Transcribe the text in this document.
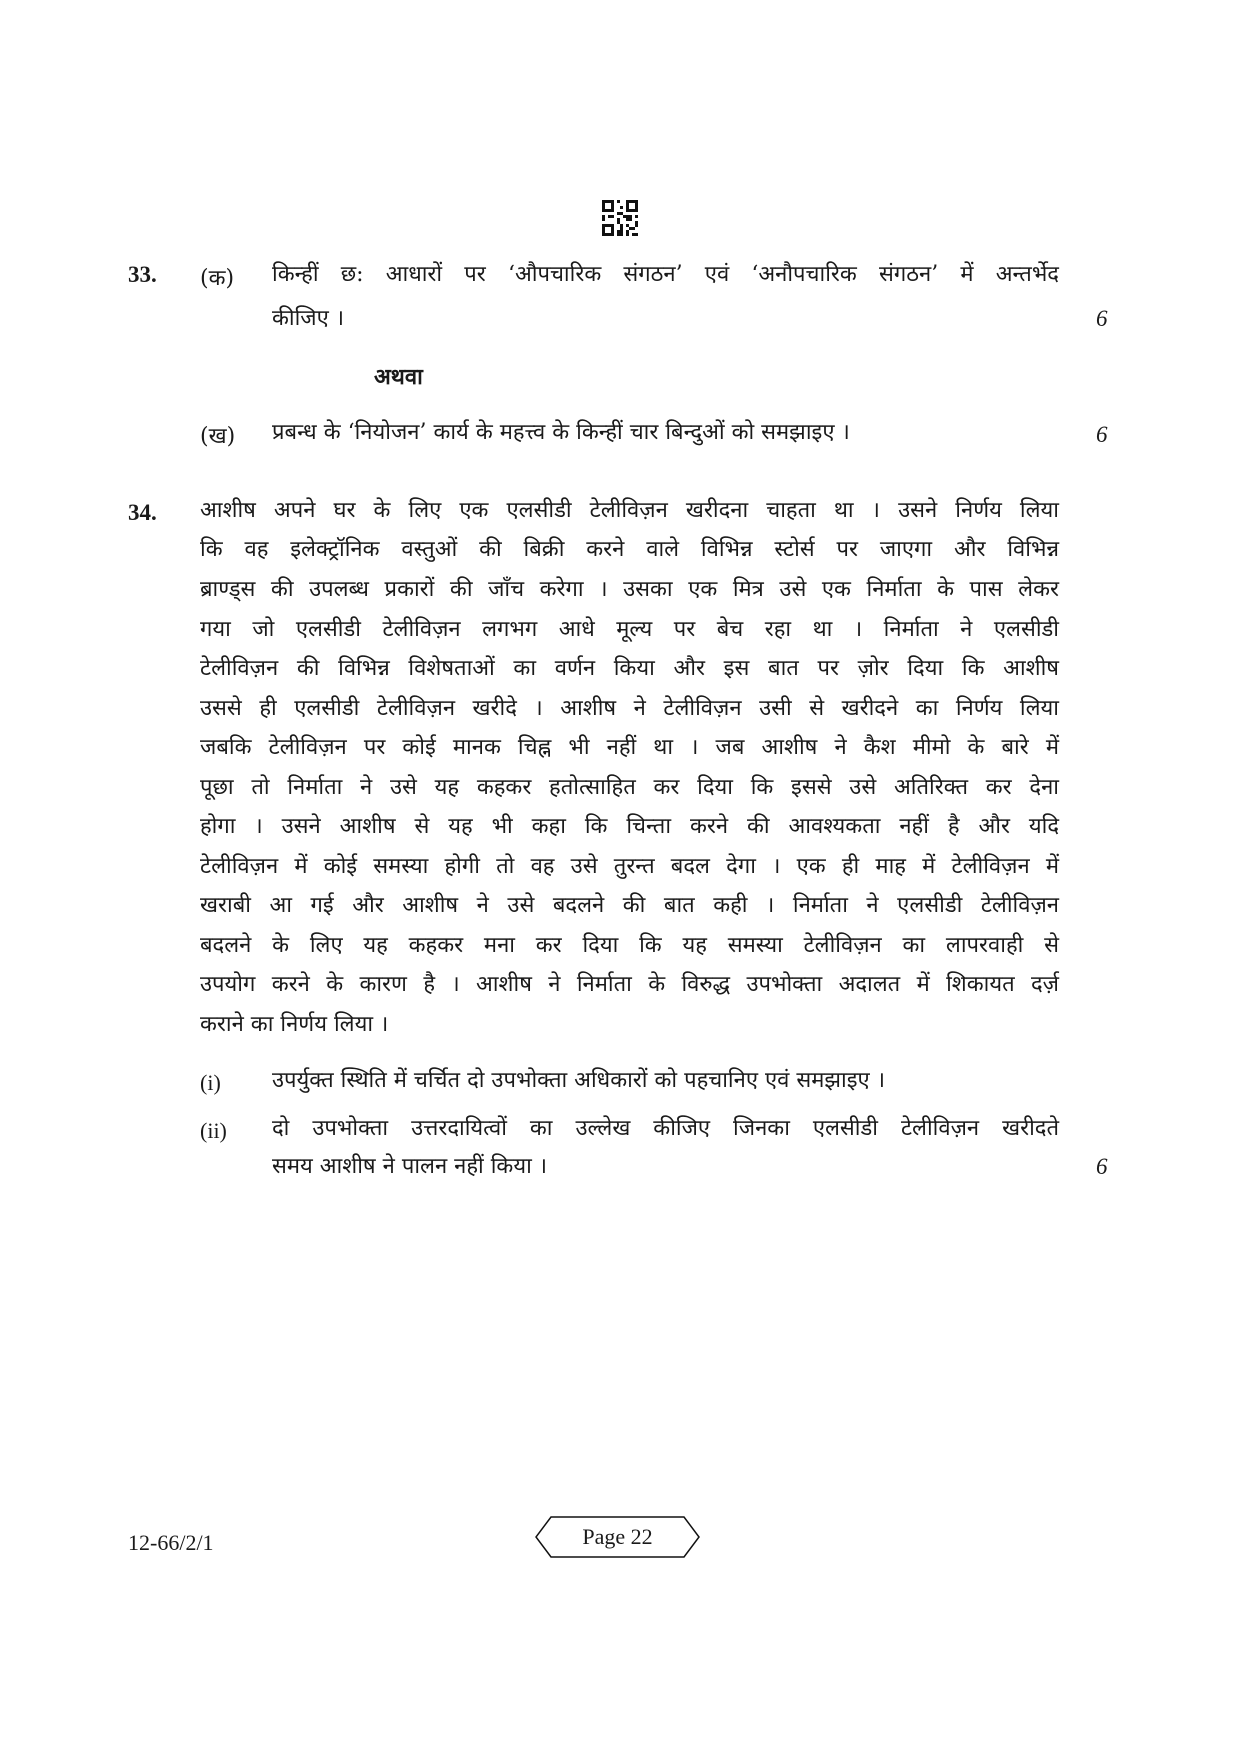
33. (क) किन्हीं छ: आधारों पर ‘औपचारिक संगठन’ एवं ‘अनौपचारिक संगठन’ में अन्तर्भेद
कीजिए ।	6
अथवा
(ख) प्रबन्ध के ‘नियोजन’ कार्य के महत्त्व के किन्हीं चार बिन्दुओं को समझाइए ।	6
34. आशीष अपने घर के लिए एक एलसीडी टेलीविज़न खरीदना चाहता था । उसने निर्णय लिया
कि वह इलेक्ट्रॉनिक वस्तुओं की बिक्री करने वाले विभिन्न स्टोर्स पर जाएगा और विभिन्न
ब्राण्ड्स की उपलब्ध प्रकारों की जाँच करेगा । उसका एक मित्र उसे एक निर्माता के पास लेकर
गया जो एलसीडी टेलीविज़न लगभग आधे मूल्य पर बेच रहा था । निर्माता ने एलसीडी
टेलीविज़न की विभिन्न विशेषताओं का वर्णन किया और इस बात पर ज़ोर दिया कि आशीष
उससे ही एलसीडी टेलीविज़न खरीदे । आशीष ने टेलीविज़न उसी से खरीदने का निर्णय लिया
जबकि टेलीविज़न पर कोई मानक चिह्न भी नहीं था । जब आशीष ने कैश मीमो के बारे में
पूछा तो निर्माता ने उसे यह कहकर हतोत्साहित कर दिया कि इससे उसे अतिरिक्त कर देना
होगा । उसने आशीष से यह भी कहा कि चिन्ता करने की आवश्यकता नहीं है और यदि
टेलीविज़न में कोई समस्या होगी तो वह उसे तुरन्त बदल देगा । एक ही माह में टेलीविज़न में
खराबी आ गई और आशीष ने उसे बदलने की बात कही । निर्माता ने एलसीडी टेलीविज़न
बदलने के लिए यह कहकर मना कर दिया कि यह समस्या टेलीविज़न का लापरवाही से
उपयोग करने के कारण है । आशीष ने निर्माता के विरुद्ध उपभोक्ता अदालत में शिकायत दर्ज़
कराने का निर्णय लिया ।
(i) उपर्युक्त स्थिति में चर्चित दो उपभोक्ता अधिकारों को पहचानिए एवं समझाइए ।
(ii) दो उपभोक्ता उत्तरदायित्वों का उल्लेख कीजिए जिनका एलसीडी टेलीविज़न खरीदते
समय आशीष ने पालन नहीं किया ।	6
12-66/2/1	Page 22
